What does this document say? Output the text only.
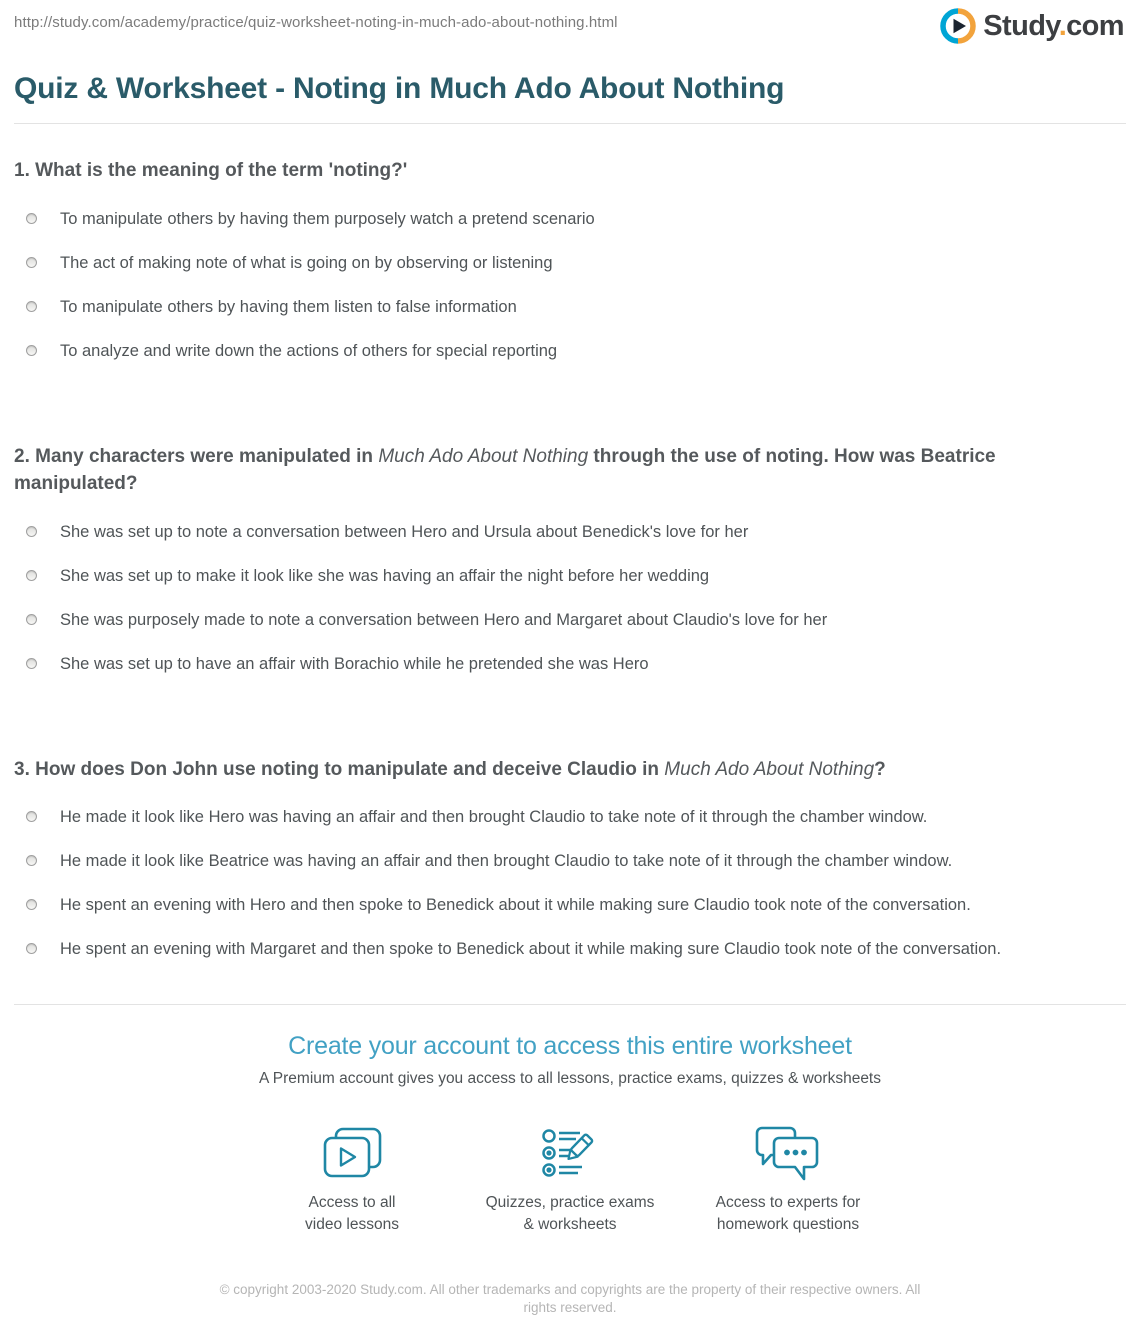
http://study.com/academy/practice/quiz-worksheet-noting-in-much-ado-about-nothing.html	Study.com
Quiz & Worksheet - Noting in Much Ado About Nothing
1. What is the meaning of the term 'noting?'
To manipulate others by having them purposely watch a pretend scenario
The act of making note of what is going on by observing or listening
To manipulate others by having them listen to false information
To analyze and write down the actions of others for special reporting
2. Many characters were manipulated in Much Ado About Nothing through the use of noting. How was Beatrice manipulated?
She was set up to note a conversation between Hero and Ursula about Benedick's love for her
She was set up to make it look like she was having an affair the night before her wedding
She was purposely made to note a conversation between Hero and Margaret about Claudio's love for her
She was set up to have an affair with Borachio while he pretended she was Hero
3. How does Don John use noting to manipulate and deceive Claudio in Much Ado About Nothing?
He made it look like Hero was having an affair and then brought Claudio to take note of it through the chamber window.
He made it look like Beatrice was having an affair and then brought Claudio to take note of it through the chamber window.
He spent an evening with Hero and then spoke to Benedick about it while making sure Claudio took note of the conversation.
He spent an evening with Margaret and then spoke to Benedick about it while making sure Claudio took note of the conversation.
Create your account to access this entire worksheet
A Premium account gives you access to all lessons, practice exams, quizzes & worksheets
Access to all
video lessons
Quizzes, practice exams
& worksheets
Access to experts for
homework questions
© copyright 2003-2020 Study.com. All other trademarks and copyrights are the property of their respective owners. All rights reserved.
